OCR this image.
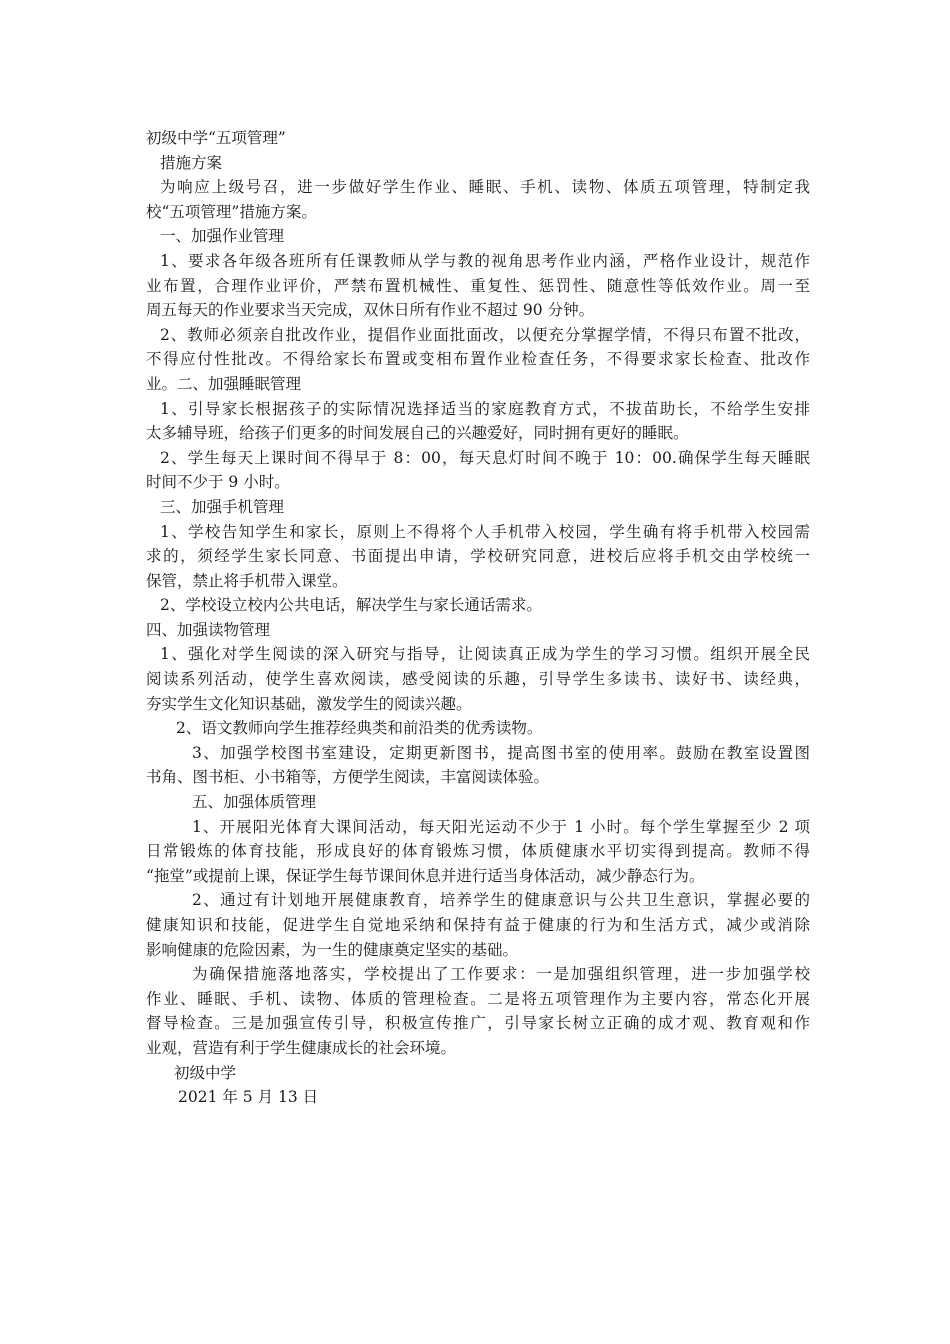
初级中学“五项管理”
措施方案
为响应上级号召，进一步做好学生作业、睡眠、手机、读物、体质五项管理，特制定我
校“五项管理”措施方案。
一、加强作业管理
1、要求各年级各班所有任课教师从学与教的视角思考作业内涵，严格作业设计，规范作
业布置，合理作业评价，严禁布置机械性、重复性、惩罚性、随意性等低效作业。周一至
周五每天的作业要求当天完成，双休日所有作业不超过 90 分钟。
2、教师必须亲自批改作业，提倡作业面批面改，以便充分掌握学情，不得只布置不批改，
不得应付性批改。不得给家长布置或变相布置作业检查任务，不得要求家长检查、批改作
业。二、加强睡眠管理
1、引导家长根据孩子的实际情况选择适当的家庭教育方式，不拔苗助长，不给学生安排
太多辅导班，给孩子们更多的时间发展自己的兴趣爱好，同时拥有更好的睡眠。
2、学生每天上课时间不得早于 8：00，每天息灯时间不晚于 10：00.确保学生每天睡眠
时间不少于 9 小时。
三、加强手机管理
1、学校告知学生和家长，原则上不得将个人手机带入校园，学生确有将手机带入校园需
求的，须经学生家长同意、书面提出申请，学校研究同意，进校后应将手机交由学校统一
保管，禁止将手机带入课堂。
2、学校设立校内公共电话，解决学生与家长通话需求。
四、加强读物管理
1、强化对学生阅读的深入研究与指导，让阅读真正成为学生的学习习惯。组织开展全民
阅读系列活动，使学生喜欢阅读，感受阅读的乐趣，引导学生多读书、读好书、读经典，
夯实学生文化知识基础，激发学生的阅读兴趣。
2、语文教师向学生推荐经典类和前沿类的优秀读物。
3、加强学校图书室建设，定期更新图书，提高图书室的使用率。鼓励在教室设置图
书角、图书柜、小书箱等，方便学生阅读，丰富阅读体验。
五、加强体质管理
1、开展阳光体育大课间活动，每天阳光运动不少于 1 小时。每个学生掌握至少 2 项
日常锻炼的体育技能，形成良好的体育锻炼习惯，体质健康水平切实得到提高。教师不得
“拖堂”或提前上课，保证学生每节课间休息并进行适当身体活动，减少静态行为。
2、通过有计划地开展健康教育，培养学生的健康意识与公共卫生意识，掌握必要的
健康知识和技能，促进学生自觉地采纳和保持有益于健康的行为和生活方式，减少或消除
影响健康的危险因素，为一生的健康奠定坚实的基础。
为确保措施落地落实，学校提出了工作要求：一是加强组织管理，进一步加强学校
作业、睡眠、手机、读物、体质的管理检查。二是将五项管理作为主要内容，常态化开展
督导检查。三是加强宣传引导，积极宣传推广，引导家长树立正确的成才观、教育观和作
业观，营造有利于学生健康成长的社会环境。
初级中学
2021 年 5 月 13 日
